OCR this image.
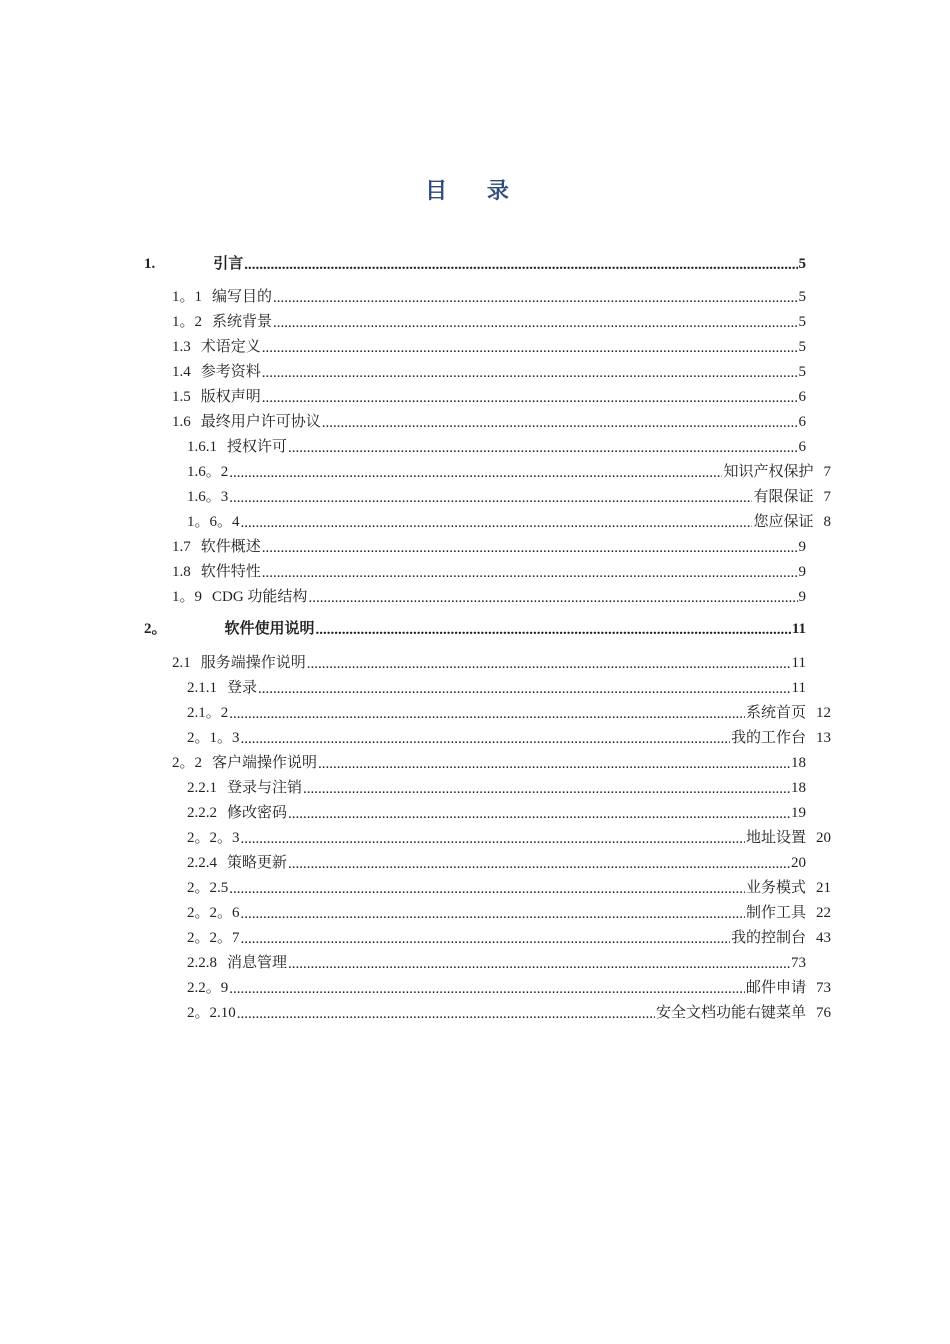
目 录
1.	引言 .....	5
1。1 编写目的 .....	5
1。2 系统背景 .....	5
1.3 术语定义 .....	5
1.4 参考资料 .....	5
1.5 版权声明 .....	6
1.6 最终用户许可协议 .....	6
1.6.1 授权许可 .....	6
1.6。2 .....	知识产权保护 7
1.6。3 .....	有限保证 7
1。6。4 .....	您应保证 8
1.7 软件概述 .....	9
1.8 软件特性 .....	9
1。9 CDG 功能结构 .....	9
2。	软件使用说明 .....	11
2.1 服务端操作说明 .....	11
2.1.1 登录 .....	11
2.1。2 .....	系统首页 12
2。1。3 .....	我的工作台 13
2。2 客户端操作说明 .....	18
2.2.1 登录与注销 .....	18
2.2.2 修改密码 .....	19
2。2。3 .....	地址设置 20
2.2.4 策略更新 .....	20
2。2.5 .....	业务模式 21
2。2。6 .....	制作工具 22
2。2。7 .....	我的控制台 43
2.2.8 消息管理 .....	73
2.2。9 .....	邮件申请 73
2。2.10 .....	安全文档功能右键菜单 76
